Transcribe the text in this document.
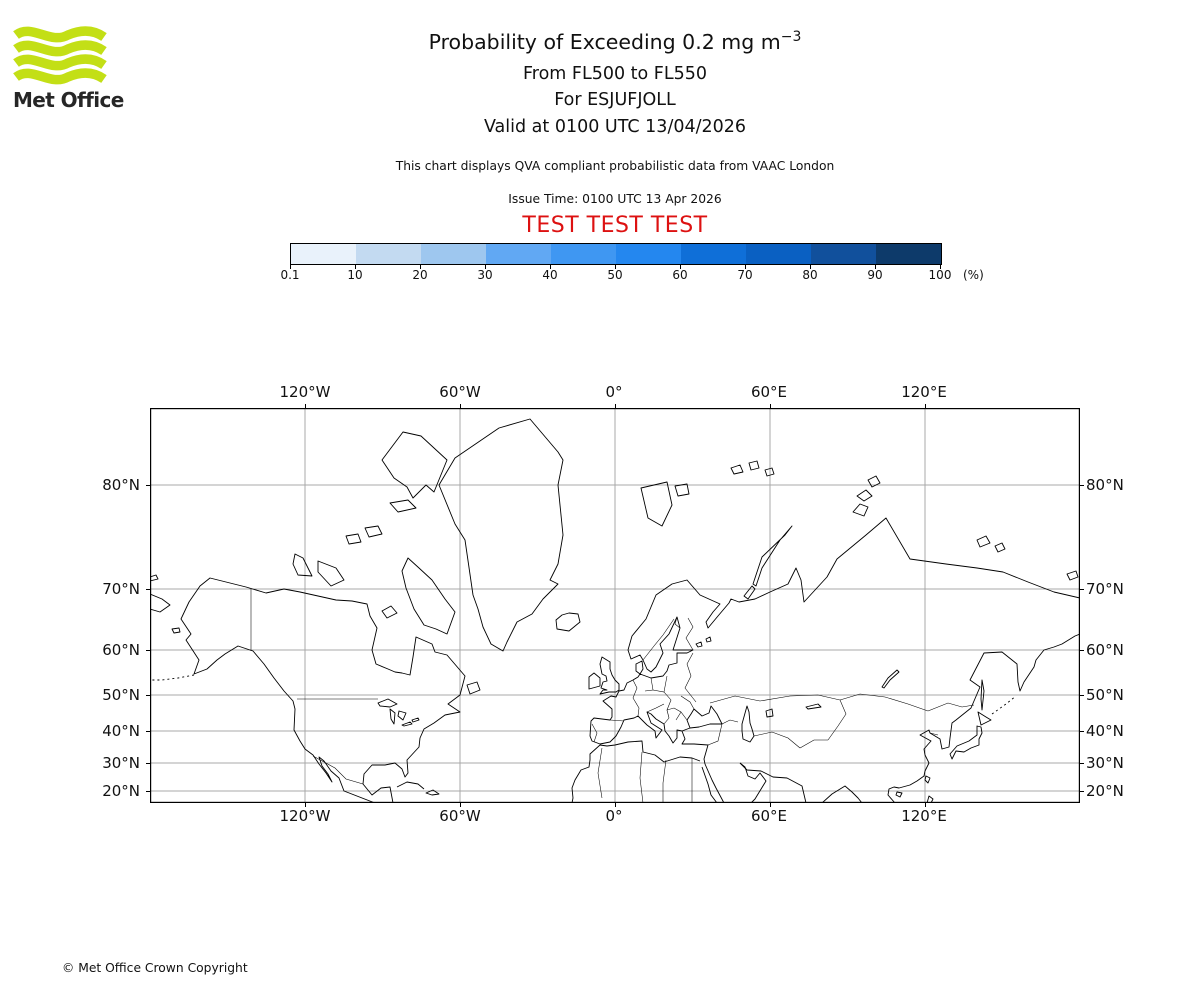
Met Office
Probability of Exceeding 0.2 mg $m^{-3}$
From FL500 to FL550
For ESJUFJOLL
Valid at 0100 UTC 13/04/2026
This chart displays QVA compliant probabilistic data from VAAC London
Issue Time: 0100 UTC 13 Apr 2026
TEST TEST TEST
0.1	10	20	30	40	50	60	70	80	90	100 (%)
120°W	60°W	0°	60°E	120°E
120°W	60°W	0°	60°E	120°E
80°N
70°N
60°N
50°N
40°N
30°N
20°N
80°N
70°N
60°N
50°N
40°N
30°N
20°N
© Met Office Crown Copyright
